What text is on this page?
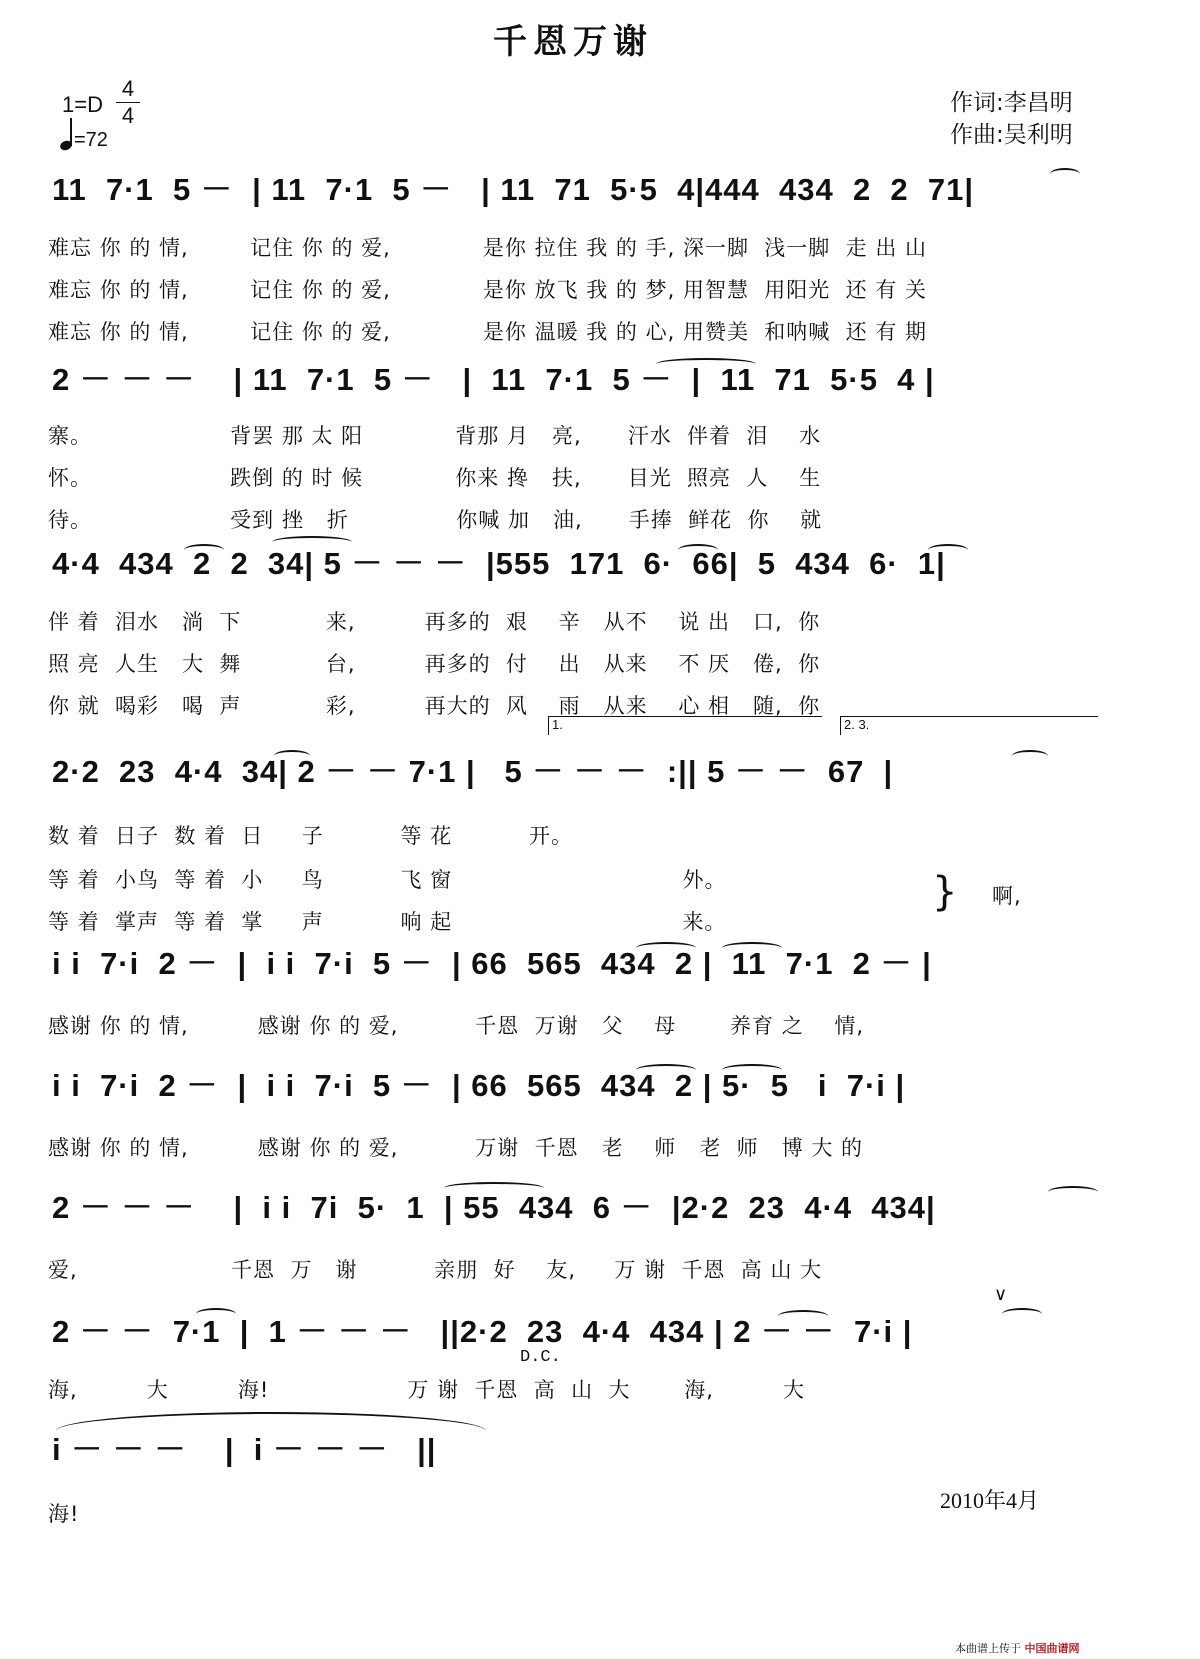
千恩万谢
1=D
4
4
=72
作词:李昌明
作曲:吴利明
11  7·1  5 －  | 11  7·1  5 －   | 11  71  5·5  4|444  434  2  2  71|
难忘 你 的 情,        记住 你 的 爱,            是你 拉住 我 的 手, 深一脚  浅一脚  走 出 山
难忘 你 的 情,        记住 你 的 爱,            是你 放飞 我 的 梦, 用智慧  用阳光  还 有 关
难忘 你 的 情,        记住 你 的 爱,            是你 温暖 我 的 心, 用赞美  和呐喊  还 有 期
2 － － －    | 11  7·1  5 －   |  11  7·1  5 －  |  11  71  5·5  4 |
寨。                  背罢 那 太 阳            背那 月   亮,      汗水  伴着  泪    水
怀。                  跌倒 的 时 候            你来 搀   扶,      目光  照亮  人    生
待。                  受到 挫   折              你喊 加   油,      手捧  鲜花  你    就
4·4  434  2  2  34| 5 － － －  |555  171  6·  66|  5  434  6·  1|
伴 着  泪水   淌  下           来,         再多的  艰    辛   从不    说 出   口,  你
照 亮  人生   大  舞           台,         再多的  付    出   从来    不 厌   倦,  你
你 就  喝彩   喝  声           彩,         再大的  风    雨   从来    心 相   随,  你
1.	2. 3.
2·2  23  4·4  34| 2 － － 7·1 |   5 － － －  :|| 5 － －  67  |
数 着  日子  数 着  日     子          等 花          开。
等 着  小鸟  等 着  小     鸟          飞 窗                              外。
等 着  掌声  等 着  掌     声          响 起                              来。
} 啊,
i i  7·i  2 －  |  i i  7·i  5 －  | 66  565  434  2 |  11  7·1  2 － |
感谢 你 的 情,         感谢 你 的 爱,          千恩  万谢   父    母       养育 之    情,
i i  7·i  2 －  |  i i  7·i  5 －  | 66  565  434  2 | 5·  5   i  7·i |
感谢 你 的 情,         感谢 你 的 爱,          万谢  千恩   老    师   老  师   博 大 的
2 － － －    |  i i  7i  5·  1  | 55  434  6 －  |2·2  23  4·4  434|
爱,                    千恩  万   谢          亲朋  好    友,     万 谢  千恩  高 山 大
2 － －  7·1  |  1 － － －   ||2·2  23  4·4  434 | 2 － －  7·i |
海,         大         海!                  万 谢  千恩  高  山  大       海,         大
∨
D.C.
i － － －    |  i － － －   ||
海!
2010年4月
本曲谱上传于 中国曲谱网
